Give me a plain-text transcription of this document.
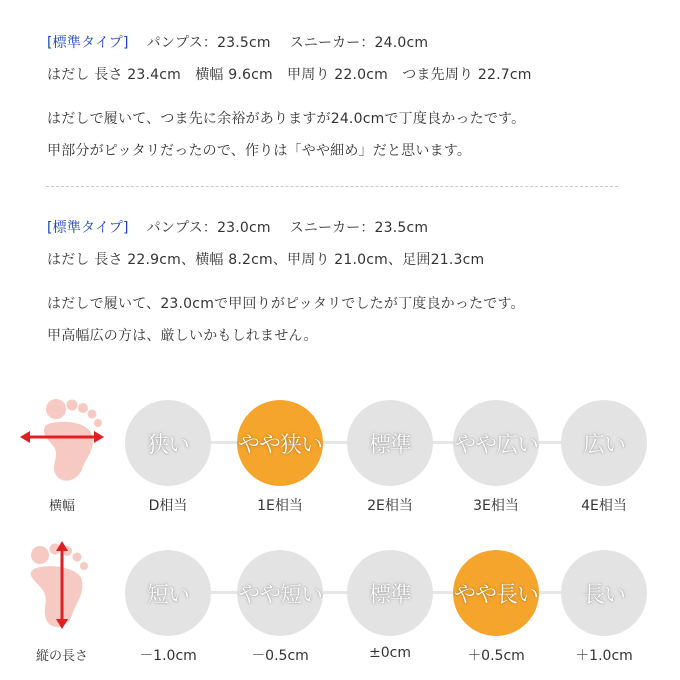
[標準タイプ] パンプス：23.5cm　 スニーカー：24.0cm
はだし 長さ 23.4cm　横幅 9.6cm　甲周り 22.0cm　つま先周り 22.7cm
はだしで履いて、つま先に余裕がありますが24.0cmで丁度良かったです。
甲部分がピッタリだったので、作りは「やや細め」だと思います。
[標準タイプ] パンプス：23.0cm　 スニーカー：23.5cm
はだし 長さ 22.9cm、横幅 8.2cm、甲周り 21.0cm、足囲21.3cm
はだしで履いて、23.0cmで甲回りがピッタリでしたが丁度良かったです。
甲高幅広の方は、厳しいかもしれません。
横幅
狭い やや狭い 標準 やや広い 広い
D相当	1E相当	2E相当	3E相当	4E相当
縦の長さ
短い やや短い 標準 やや長い 長い
－1.0cm	－0.5cm	±0cm	＋0.5cm	＋1.0cm
